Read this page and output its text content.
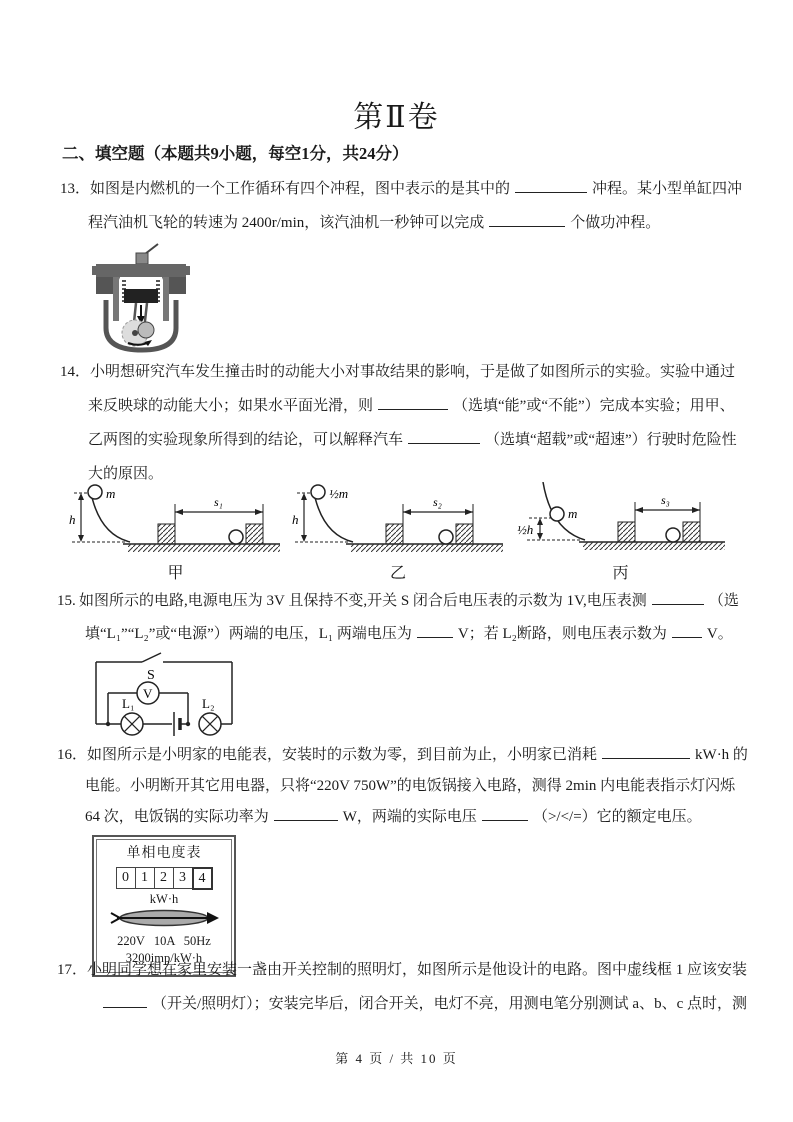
第Ⅱ卷
二、填空题（本题共9小题，每空1分，共24分）
13．如图是内燃机的一个工作循环有四个冲程，图中表示的是其中的	冲程。某小型单缸四冲
程汽油机飞轮的转速为 2400r/min，该汽油机一秒钟可以完成	个做功冲程。
14．小明想研究汽车发生撞击时的动能大小对事故结果的影响，于是做了如图所示的实验。实验中通过
来反映球的动能大小；如果水平面光滑，则	（选填“能”或“不能”）完成本实验；用甲、
乙两图的实验现象所得到的结论，可以解释汽车	（选填“超载”或“超速”）行驶时危险性
大的原因。
m
h
s₁
甲
½m
h
s₂
乙
m
½h
s₃
丙
15. 如图所示的电路,电源电压为 3V 且保持不变,开关 S 闭合后电压表的示数为 1V,电压表测	（选
填“L₁”“L₂”或“电源”）两端的电压，L₁ 两端电压为	V；若 L₂断路，则电压表示数为	V。
S
L₁	L₂
V
16．如图所示是小明家的电能表，安装时的示数为零，到目前为止，小明家已消耗	kW·h 的
电能。小明断开其它用电器，只将“220V 750W”的电饭锅接入电路，测得 2min 内电能表指示灯闪烁
64 次，电饭锅的实际功率为	W，两端的实际电压	（>/</=）它的额定电压。
单相电度表
0 1 2 3 4
kW·h
220V 10A 50Hz
3200imp/kW·h
17．小明同学想在家里安装一盏由开关控制的照明灯，如图所示是他设计的电路。图中虚线框 1 应该安装
（开关/照明灯）；安装完毕后，闭合开关，电灯不亮，用测电笔分别测试 a、b、c 点时，测
第 4 页 / 共 10 页
